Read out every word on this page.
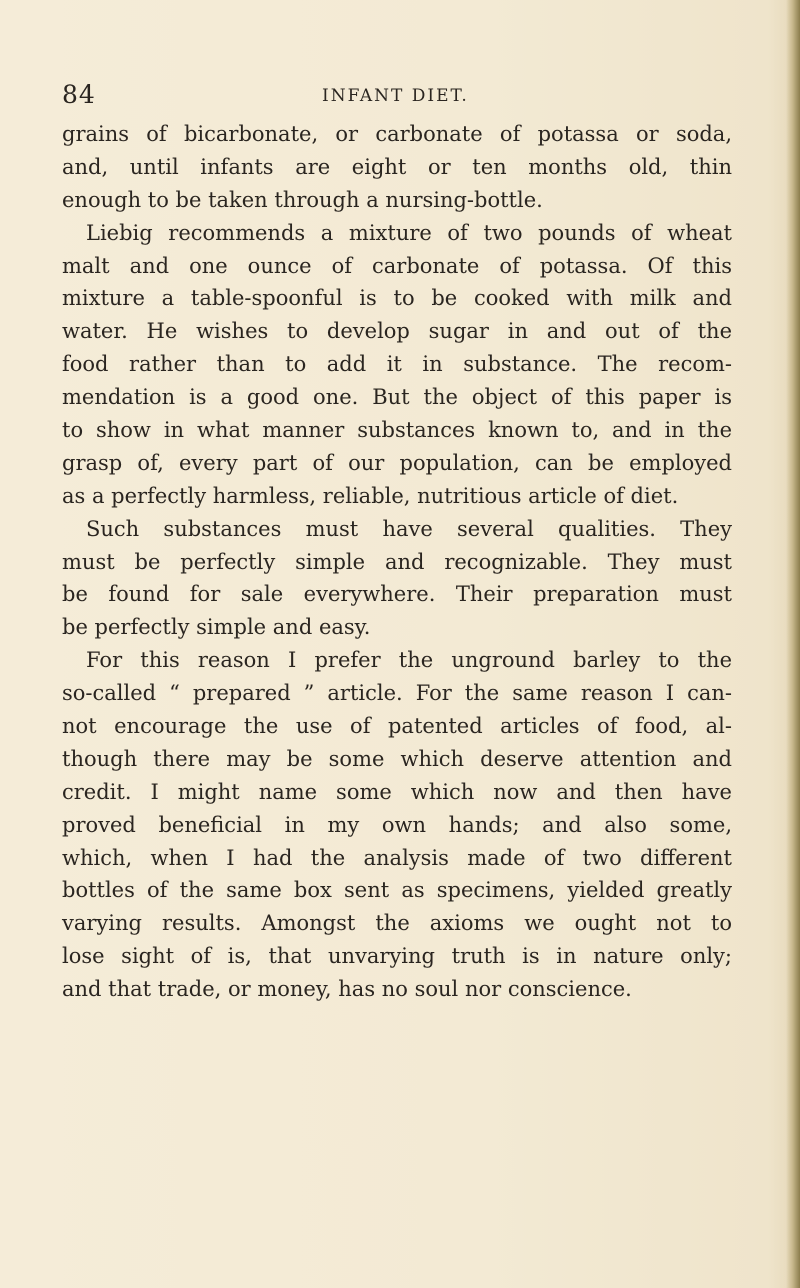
84	INFANT DIET.
grains of bicarbonate, or carbonate of potassa or soda,
and, until infants are eight or ten months old, thin
enough to be taken through a nursing-bottle.
Liebig recommends a mixture of two pounds of wheat
malt and one ounce of carbonate of potassa. Of this
mixture a table-spoonful is to be cooked with milk and
water. He wishes to develop sugar in and out of the
food rather than to add it in substance. The recom-
mendation is a good one. But the object of this paper is
to show in what manner substances known to, and in the
grasp of, every part of our population, can be employed
as a perfectly harmless, reliable, nutritious article of diet.
Such substances must have several qualities. They
must be perfectly simple and recognizable. They must
be found for sale everywhere. Their preparation must
be perfectly simple and easy.
For this reason I prefer the unground barley to the
so-called “ prepared ” article. For the same reason I can-
not encourage the use of patented articles of food, al-
though there may be some which deserve attention and
credit. I might name some which now and then have
proved beneficial in my own hands; and also some,
which, when I had the analysis made of two different
bottles of the same box sent as specimens, yielded greatly
varying results. Amongst the axioms we ought not to
lose sight of is, that unvarying truth is in nature only;
and that trade, or money, has no soul nor conscience.
